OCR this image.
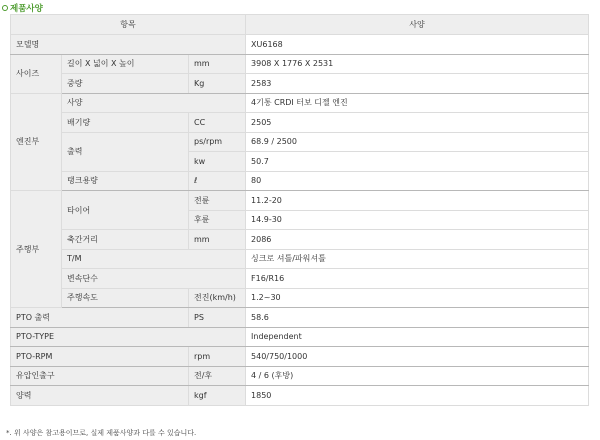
제품사양
항목			사양
모델명			XU6168
사이즈	길이 X 넓이 X 높이	mm	3908 X 1776 X 2531
	중량	Kg	2583
엔진부	사양		4기통 CRDI 터보 디젤 엔진
	배기량	CC	2505
	출력	ps/rpm	68.9 / 2500
		kw	50.7
	탱크용량	ℓ	80
주행부	타이어	전륜	11.2-20
		후륜	14.9-30
	축간거리	mm	2086
	T/M		싱크로 셔틀/파워셔틀
	변속단수		F16/R16
	주행속도	전진(km/h)	1.2~30
PTO 출력		PS	58.6
PTO-TYPE			Independent
PTO-RPM		rpm	540/750/1000
유압인출구		전/후	4 / 6 (후방)
양력		kgf	1850
*. 위 사양은 참고용이므로, 실제 제품사양과 다를 수 있습니다.
